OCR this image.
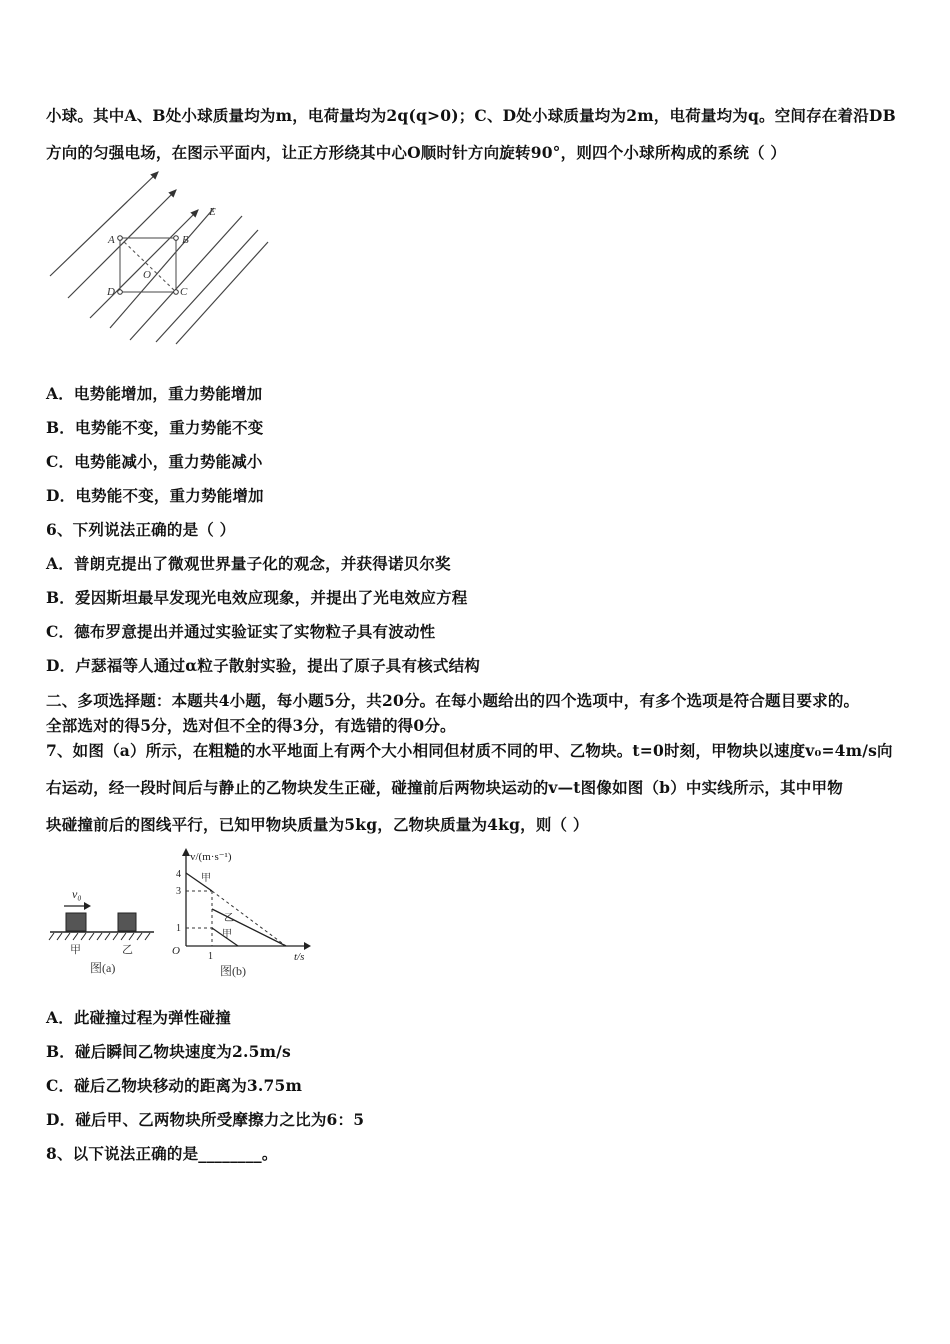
小球。其中A、B处小球质量均为m，电荷量均为2q(q>0)；C、D处小球质量均为2m，电荷量均为q。空间存在着沿DB
方向的匀强电场，在图示平面内，让正方形绕其中心O顺时针方向旋转90°，则四个小球所构成的系统（ ）
A	B
C
D
O
E
A．电势能增加，重力势能增加
B．电势能不变，重力势能不变
C．电势能减小，重力势能减小
D．电势能不变，重力势能增加
6、下列说法正确的是（ ）
A．普朗克提出了微观世界量子化的观念，并获得诺贝尔奖
B．爱因斯坦最早发现光电效应现象，并提出了光电效应方程
C．德布罗意提出并通过实验证实了实物粒子具有波动性
D．卢瑟福等人通过α粒子散射实验，提出了原子具有核式结构
二、多项选择题：本题共4小题，每小题5分，共20分。在每小题给出的四个选项中，有多个选项是符合题目要求的。
全部选对的得5分，选对但不全的得3分，有选错的得0分。
7、如图（a）所示，在粗糙的水平地面上有两个大小相同但材质不同的甲、乙物块。t=0时刻，甲物块以速度v₀=4m/s向
右运动，经一段时间后与静止的乙物块发生正碰，碰撞前后两物块运动的v—t图像如图（b）中实线所示，其中甲物
块碰撞前后的图线平行，已知甲物块质量为5kg，乙物块质量为4kg，则（ ）
v₀
甲	乙
图(a)
v/(m·s⁻¹)
t/s
O
4
3
1
1
甲
乙
甲
图(b)
A．此碰撞过程为弹性碰撞
B．碰后瞬间乙物块速度为2.5m/s
C．碰后乙物块移动的距离为3.75m
D．碰后甲、乙两物块所受摩擦力之比为6：5
8、以下说法正确的是________。
